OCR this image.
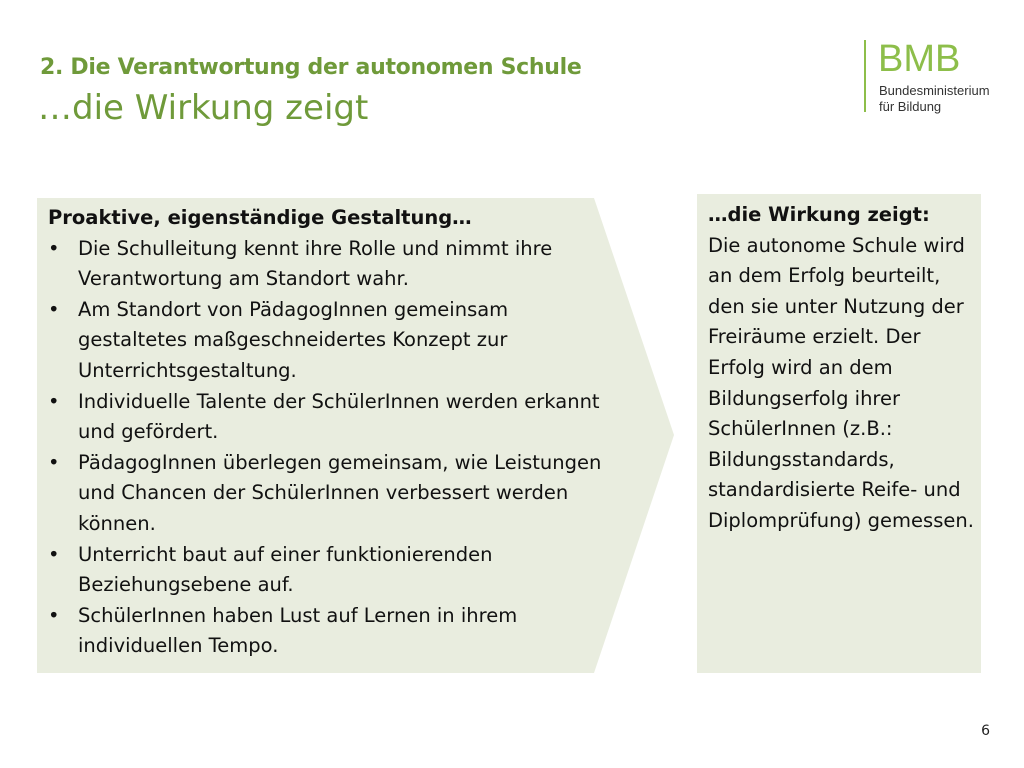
2. Die Verantwortung der autonomen Schule
…die Wirkung zeigt
BMB
Bundesministerium
für Bildung

Proaktive, eigenständige Gestaltung…

• Die Schulleitung kennt ihre Rolle und nimmt ihre Verantwortung am Standort wahr.
• Am Standort von PädagogInnen gemeinsam gestaltetes maßgeschneidertes Konzept zur Unterrichtsgestaltung.
• Individuelle Talente der SchülerInnen werden erkannt und gefördert.
• PädagogInnen überlegen gemeinsam, wie Leistungen und Chancen der SchülerInnen verbessert werden können.
• Unterricht baut auf einer funktionierenden Beziehungsebene auf.
• SchülerInnen haben Lust auf Lernen in ihrem individuellen Tempo.

…die Wirkung zeigt:

Die autonome Schule wird an dem Erfolg beurteilt, den sie unter Nutzung der Freiräume erzielt. Der Erfolg wird an dem Bildungserfolg ihrer SchülerInnen (z.B.: Bildungsstandards, standardisierte Reife- und Diplomprüfung) gemessen.

6
